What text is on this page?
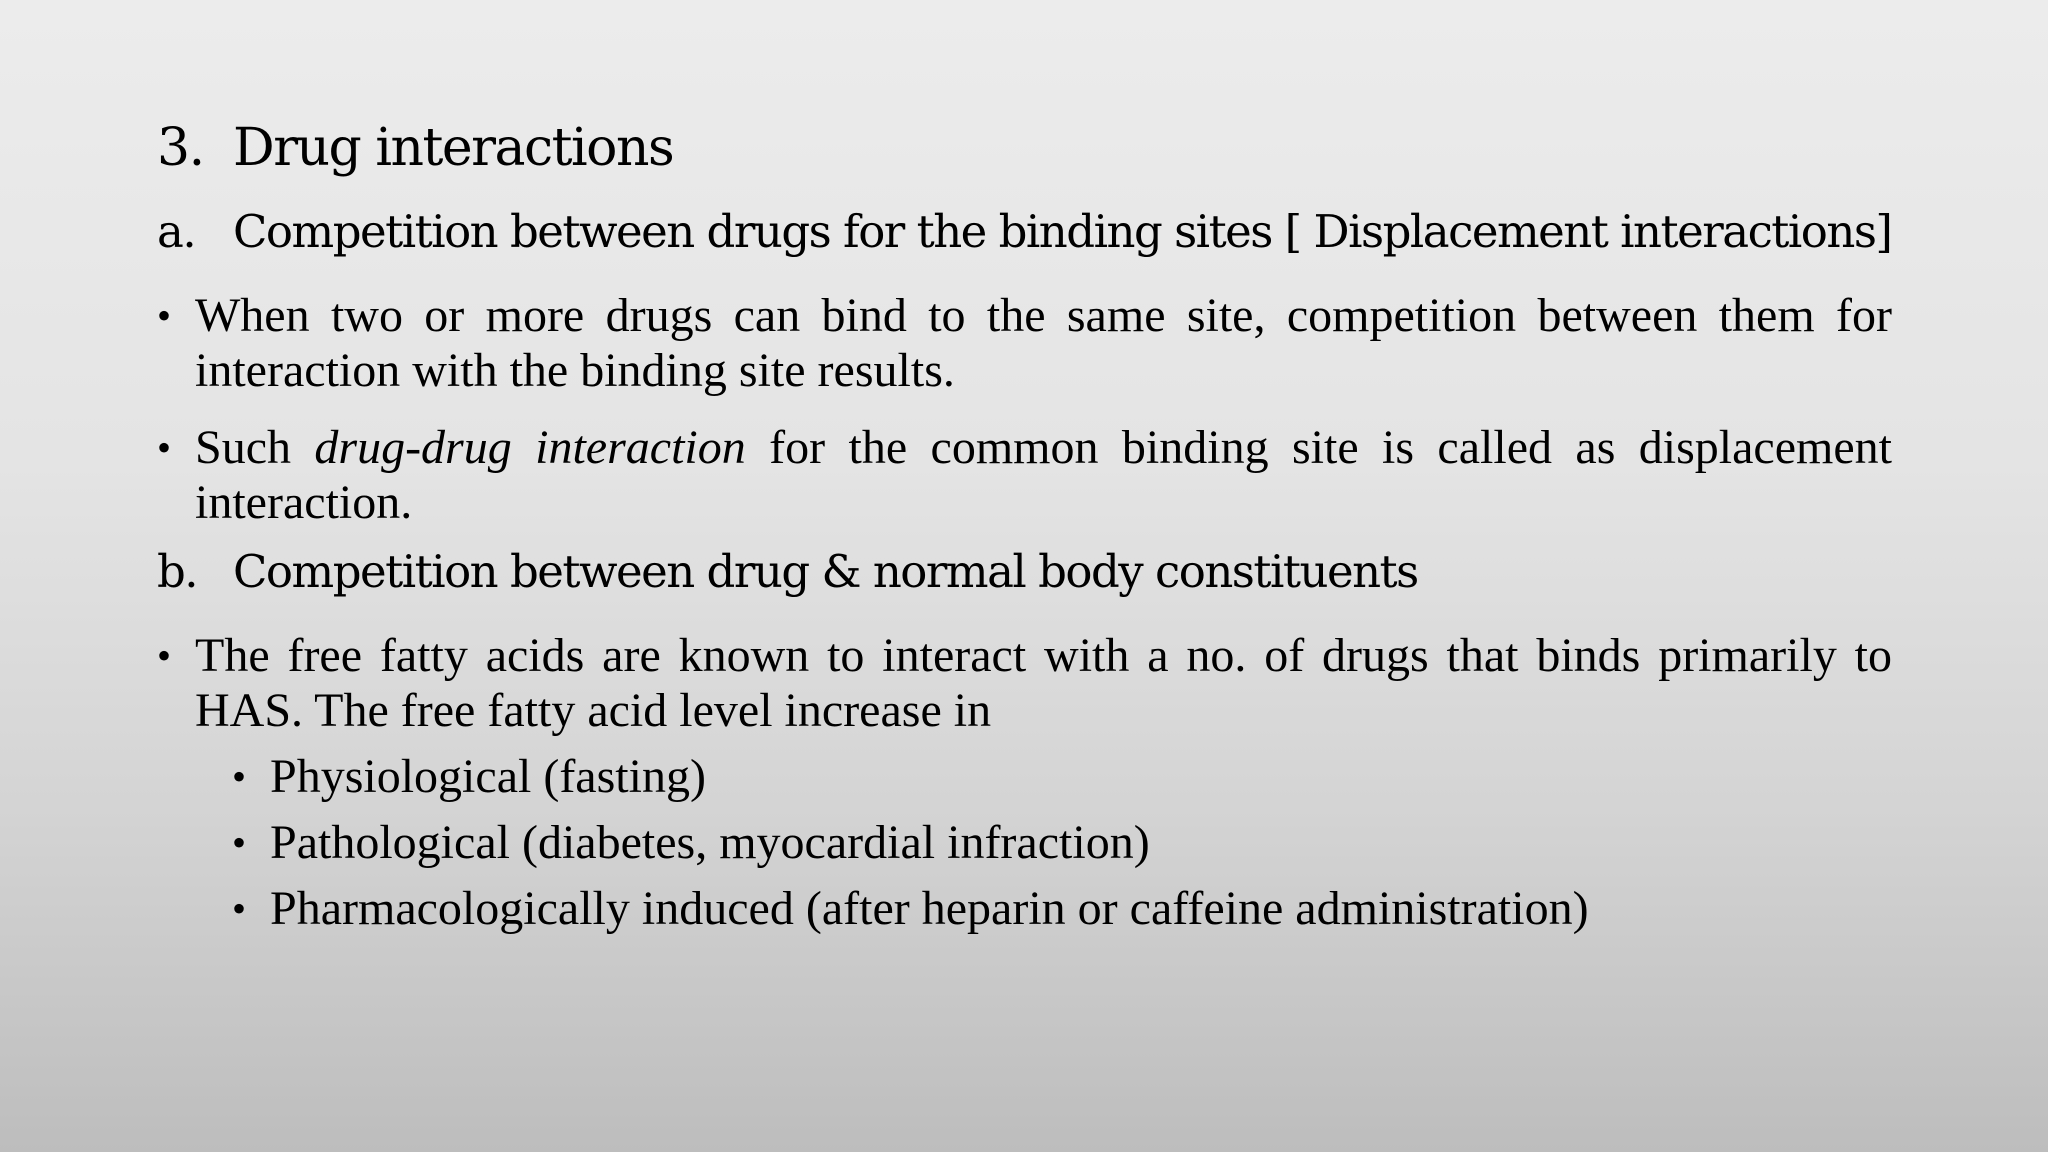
3. Drug interactions
a. Competition between drugs for the binding sites [ Displacement interactions]
• When two or more drugs can bind to the same site, competition between them for interaction with the binding site results.
• Such drug-drug interaction for the common binding site is called as displacement interaction.
b. Competition between drug & normal body constituents
• The free fatty acids are known to interact with a no. of drugs that binds primarily to HAS. The free fatty acid level increase in
• Physiological (fasting)
• Pathological (diabetes, myocardial infraction)
• Pharmacologically induced (after heparin or caffeine administration)
